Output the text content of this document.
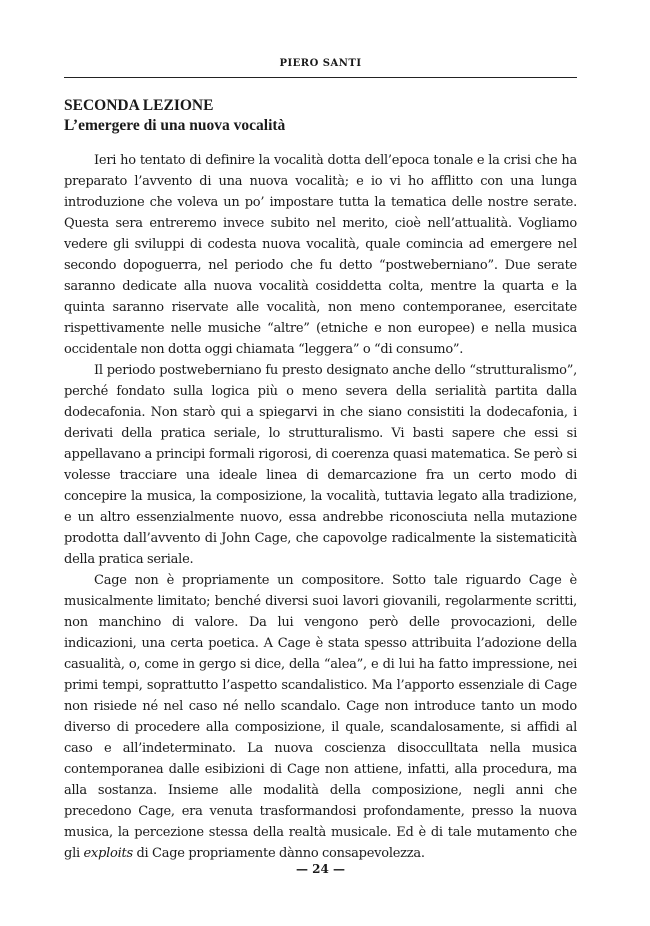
PIERO SANTI
SECONDA LEZIONE
L’emergere di una nuova vocalità

Ieri ho tentato di definire la vocalità dotta dell’epoca tonale e la crisi che ha preparato l’avvento di una nuova vocalità; e io vi ho afflitto con una lunga introduzione che voleva un po’ impostare tutta la tematica delle nostre serate. Questa sera entreremo invece subito nel merito, cioè nell’attualità. Vogliamo vedere gli sviluppi di codesta nuova vocalità, quale comincia ad emergere nel secondo dopoguerra, nel periodo che fu detto “postweberniano”. Due serate saranno dedicate alla nuova vocalità cosiddetta colta, mentre la quarta e la quinta saranno riservate alle vocalità, non meno contemporanee, esercitate rispettivamente nelle musiche “altre” (etniche e non europee) e nella musica occidentale non dotta oggi chiamata “leggera” o “di consumo”.

Il periodo postweberniano fu presto designato anche dello “strutturalismo”, perché fondato sulla logica più o meno severa della serialità partita dalla dodecafonia. Non starò qui a spiegarvi in che siano consistiti la dodecafonia, i derivati della pratica seriale, lo strutturalismo. Vi basti sapere che essi si appellavano a principi formali rigorosi, di coerenza quasi matematica. Se però si volesse tracciare una ideale linea di demarcazione fra un certo modo di concepire la musica, la composizione, la vocalità, tuttavia legato alla tradizione, e un altro essenzialmente nuovo, essa andrebbe riconosciuta nella mutazione prodotta dall’avvento di John Cage, che capovolge radicalmente la sistematicità della pratica seriale.

Cage non è propriamente un compositore. Sotto tale riguardo Cage è musicalmente limitato; benché diversi suoi lavori giovanili, regolarmente scritti, non manchino di valore. Da lui vengono però delle provocazioni, delle indicazioni, una certa poetica. A Cage è stata spesso attribuita l’adozione della casualità, o, come in gergo si dice, della “alea”, e di lui ha fatto impressione, nei primi tempi, soprattutto l’aspetto scandalistico. Ma l’apporto essenziale di Cage non risiede né nel caso né nello scandalo. Cage non introduce tanto un modo diverso di procedere alla composizione, il quale, scandalosamente, si affidi al caso e all’indeterminato. La nuova coscienza disocculltata nella musica contemporanea dalle esibizioni di Cage non attiene, infatti, alla procedura, ma alla sostanza. Insieme alle modalità della composizione, negli anni che precedono Cage, era venuta trasformandosi profondamente, presso la nuova musica, la percezione stessa della realtà musicale. Ed è di tale mutamento che gli exploits di Cage propriamente dànno consapevolezza.

— 24 —
